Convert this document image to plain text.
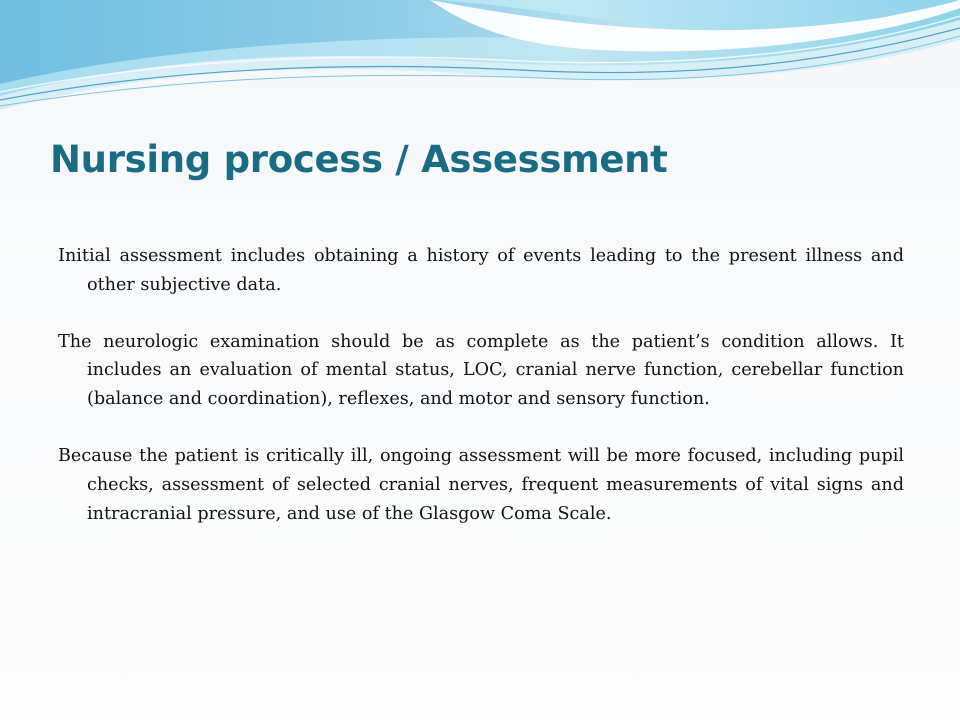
Nursing process / Assessment

Initial assessment includes obtaining a history of events leading to the present illness and other subjective data.

The neurologic examination should be as complete as the patient’s condition allows. It includes an evaluation of mental status, LOC, cranial nerve function, cerebellar function (balance and coordination), reflexes, and motor and sensory function.

Because the patient is critically ill, ongoing assessment will be more focused, including pupil checks, assessment of selected cranial nerves, frequent measurements of vital signs and intracranial pressure, and use of the Glasgow Coma Scale.
